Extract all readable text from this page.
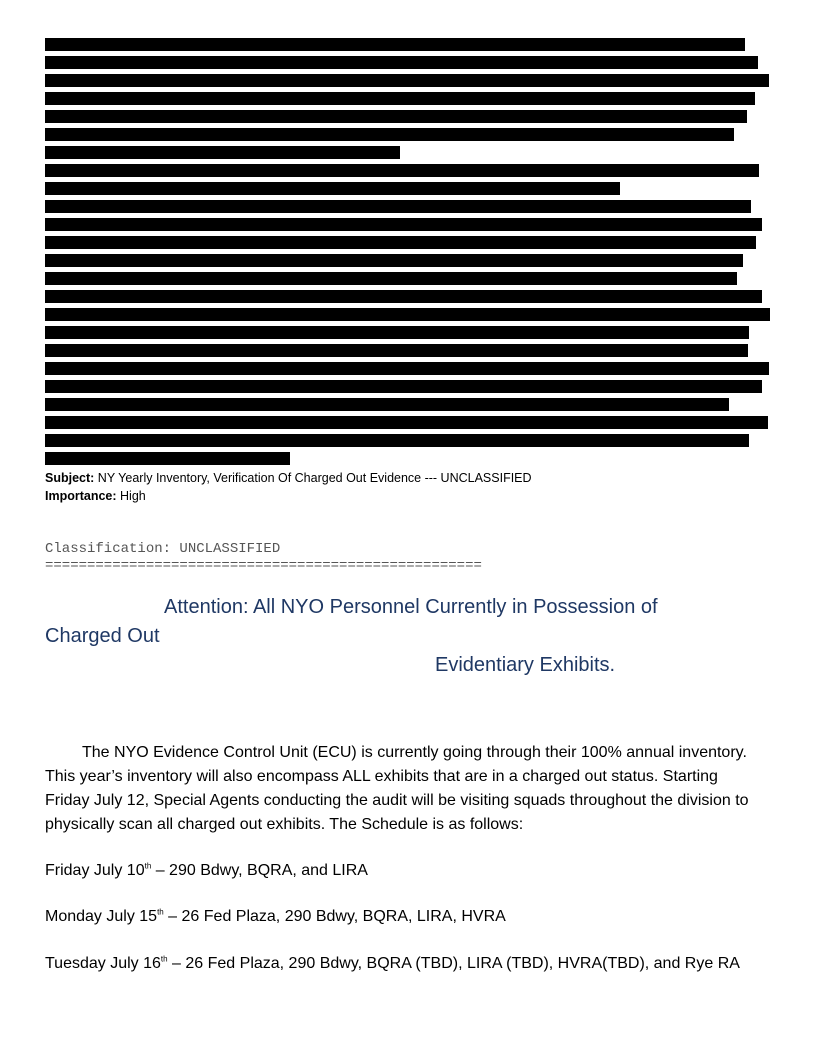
Subject: NY Yearly Inventory, Verification Of Charged Out Evidence --- UNCLASSIFIED
Importance: High
Classification: UNCLASSIFIED
====================================================
Attention: All NYO Personnel Currently in Possession of Charged Out
Evidentiary Exhibits.
The NYO Evidence Control Unit (ECU) is currently going through their 100% annual inventory. This year’s inventory will also encompass ALL exhibits that are in a charged out status. Starting Friday July 12, Special Agents conducting the audit will be visiting squads throughout the division to physically scan all charged out exhibits. The Schedule is as follows:
Friday July 10th – 290 Bdwy, BQRA, and LIRA
Monday July 15th – 26 Fed Plaza, 290 Bdwy, BQRA, LIRA, HVRA
Tuesday July 16th – 26 Fed Plaza, 290 Bdwy, BQRA (TBD), LIRA (TBD), HVRA(TBD), and Rye RA
